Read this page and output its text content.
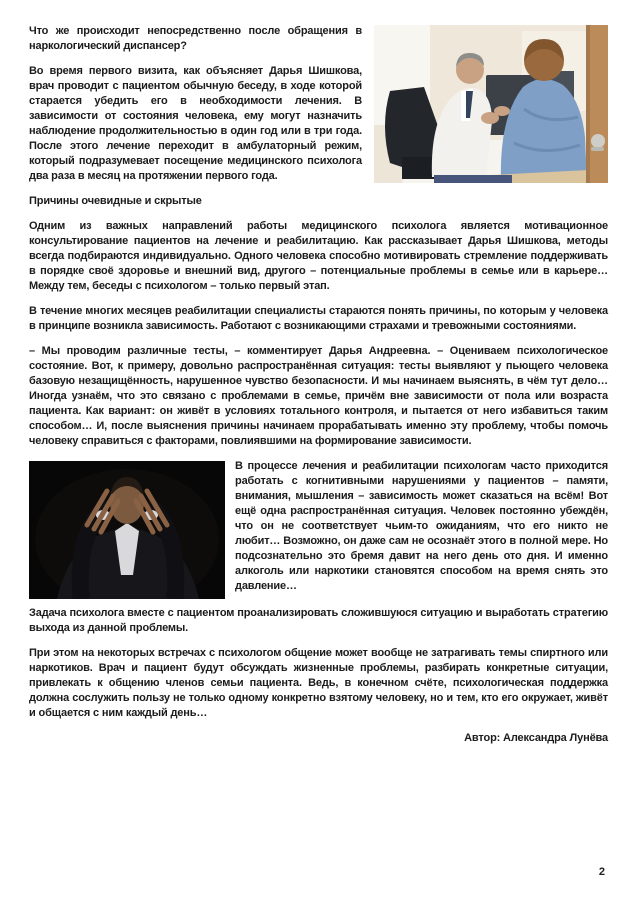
Что же происходит непосредственно после обращения в наркологический диспансер?
Во время первого визита, как объясняет Дарья Шишкова, врач проводит с пациентом обычную беседу, в ходе которой старается убедить его в необходимости лечения. В зависимости от состояния человека, ему могут назначить наблюдение продолжительностью в один год или в три года. После этого лечение переходит в амбулаторный режим, который подразумевает посещение медицинского психолога два раза в месяц на протяжении первого года.
Причины очевидные и скрытые
Одним из важных направлений работы медицинского психолога является мотивационное консультирование пациентов на лечение и реабилитацию. Как рассказывает Дарья Шишкова, методы всегда подбираются индивидуально. Одного человека способно мотивировать стремление поддерживать в порядке своё здоровье и внешний вид, другого – потенциальные проблемы в семье или в карьере… Между тем, беседы с психологом – только первый этап.
В течение многих месяцев реабилитации специалисты стараются понять причины, по которым у человека в принципе возникла зависимость. Работают с возникающими страхами и тревожными состояниями.
– Мы проводим различные тесты, – комментирует Дарья Андреевна. – Оцениваем психологическое состояние. Вот, к примеру, довольно распространённая ситуация: тесты выявляют у пьющего человека базовую незащищённость, нарушенное чувство безопасности. И мы начинаем выяснять, в чём тут дело… Иногда узнаём, что это связано с проблемами в семье, причём вне зависимости от пола или возраста пациента. Как вариант: он живёт в условиях тотального контроля, и пытается от него избавиться таким способом… И, после выяснения причины начинаем прорабатывать именно эту проблему, чтобы помочь человеку справиться с факторами, повлиявшими на формирование зависимости.
В процессе лечения и реабилитации психологам часто приходится работать с когнитивными нарушениями у пациентов – памяти, внимания, мышления – зависимость может сказаться на всём! Вот ещё одна распространённая ситуация. Человек постоянно убеждён, что он не соответствует чьим-то ожиданиям, что его никто не любит… Возможно, он даже сам не осознаёт этого в полной мере. Но подсознательно это бремя давит на него день ото дня. И именно алкоголь или наркотики становятся способом на время снять это давление…
Задача психолога вместе с пациентом проанализировать сложившуюся ситуацию и выработать стратегию выхода из данной проблемы.
При этом на некоторых встречах с психологом общение может вообще не затрагивать темы спиртного или наркотиков. Врач и пациент будут обсуждать жизненные проблемы, разбирать конкретные ситуации, привлекать к общению членов семьи пациента. Ведь, в конечном счёте, психологическая поддержка должна сослужить пользу не только одному конкретно взятому человеку, но и тем, кто его окружает, живёт и общается с ним каждый день…
Автор: Александра Лунёва
2
